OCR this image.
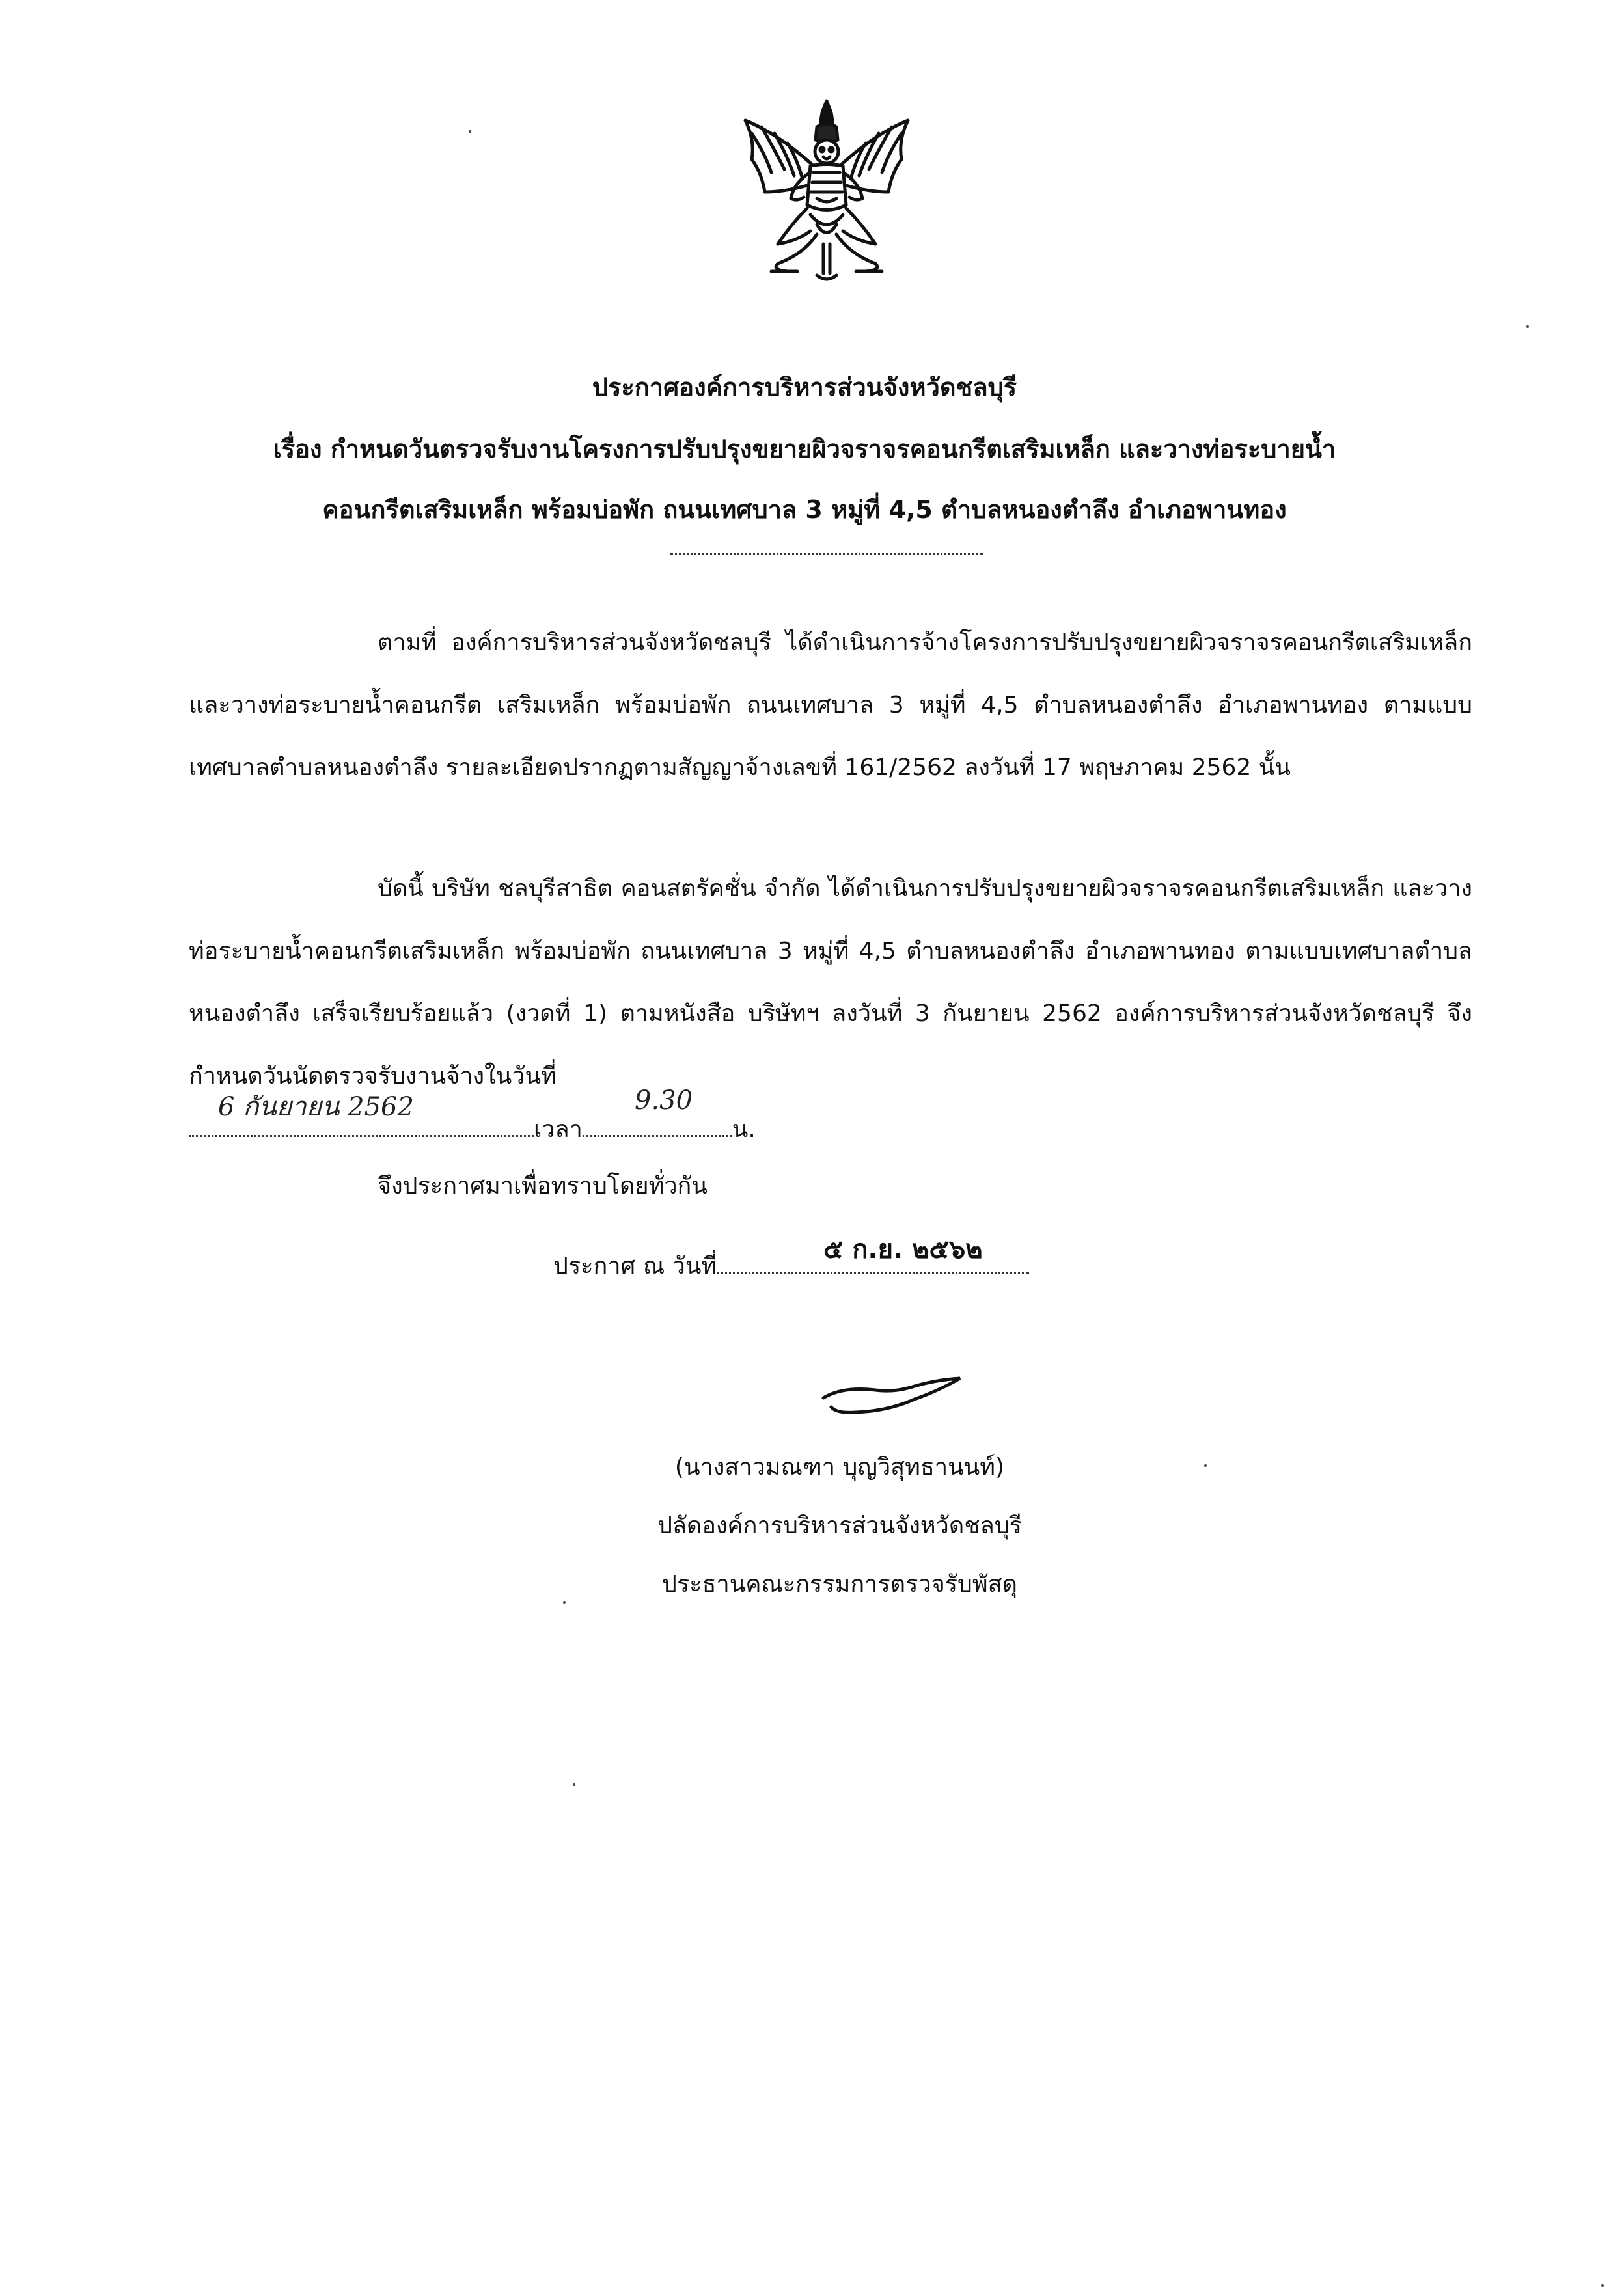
ประกาศองค์การบริหารส่วนจังหวัดชลบุรี
เรื่อง กำหนดวันตรวจรับงานโครงการปรับปรุงขยายผิวจราจรคอนกรีตเสริมเหล็ก และวางท่อระบายน้ำ
คอนกรีตเสริมเหล็ก พร้อมบ่อพัก ถนนเทศบาล 3 หมู่ที่ 4,5 ตำบลหนองตำลึง อำเภอพานทอง
ตามที่ องค์การบริหารส่วนจังหวัดชลบุรี ได้ดำเนินการจ้างโครงการปรับปรุงขยายผิวจราจรคอนกรีตเสริมเหล็ก และวางท่อระบายน้ำคอนกรีต เสริมเหล็ก พร้อมบ่อพัก ถนนเทศบาล 3 หมู่ที่ 4,5 ตำบลหนองตำลึง อำเภอพานทอง ตามแบบเทศบาลตำบลหนองตำลึง รายละเอียดปรากฏตามสัญญาจ้างเลขที่ 161/2562 ลงวันที่ 17 พฤษภาคม 2562 นั้น
บัดนี้ บริษัท ชลบุรีสาธิต คอนสตรัคชั่น จำกัด ได้ดำเนินการปรับปรุงขยายผิวจราจรคอนกรีตเสริมเหล็ก และวางท่อระบายน้ำคอนกรีตเสริมเหล็ก พร้อมบ่อพัก ถนนเทศบาล 3 หมู่ที่ 4,5 ตำบลหนองตำลึง อำเภอพานทอง ตามแบบเทศบาลตำบลหนองตำลึง เสร็จเรียบร้อยแล้ว (งวดที่ 1) ตามหนังสือ บริษัทฯ ลงวันที่ 3 กันยายน 2562 องค์การบริหารส่วนจังหวัดชลบุรี จึงกำหนดวันนัดตรวจรับงานจ้างในวันที่
เวลา	น.
6 กันยายน 2562	9.30
จึงประกาศมาเพื่อทราบโดยทั่วกัน
ประกาศ ณ วันที่
๕ ก.ย. ๒๕๖๒
(นางสาวมณฑา บุญวิสุทธานนท์)
ปลัดองค์การบริหารส่วนจังหวัดชลบุรี
ประธานคณะกรรมการตรวจรับพัสดุ
